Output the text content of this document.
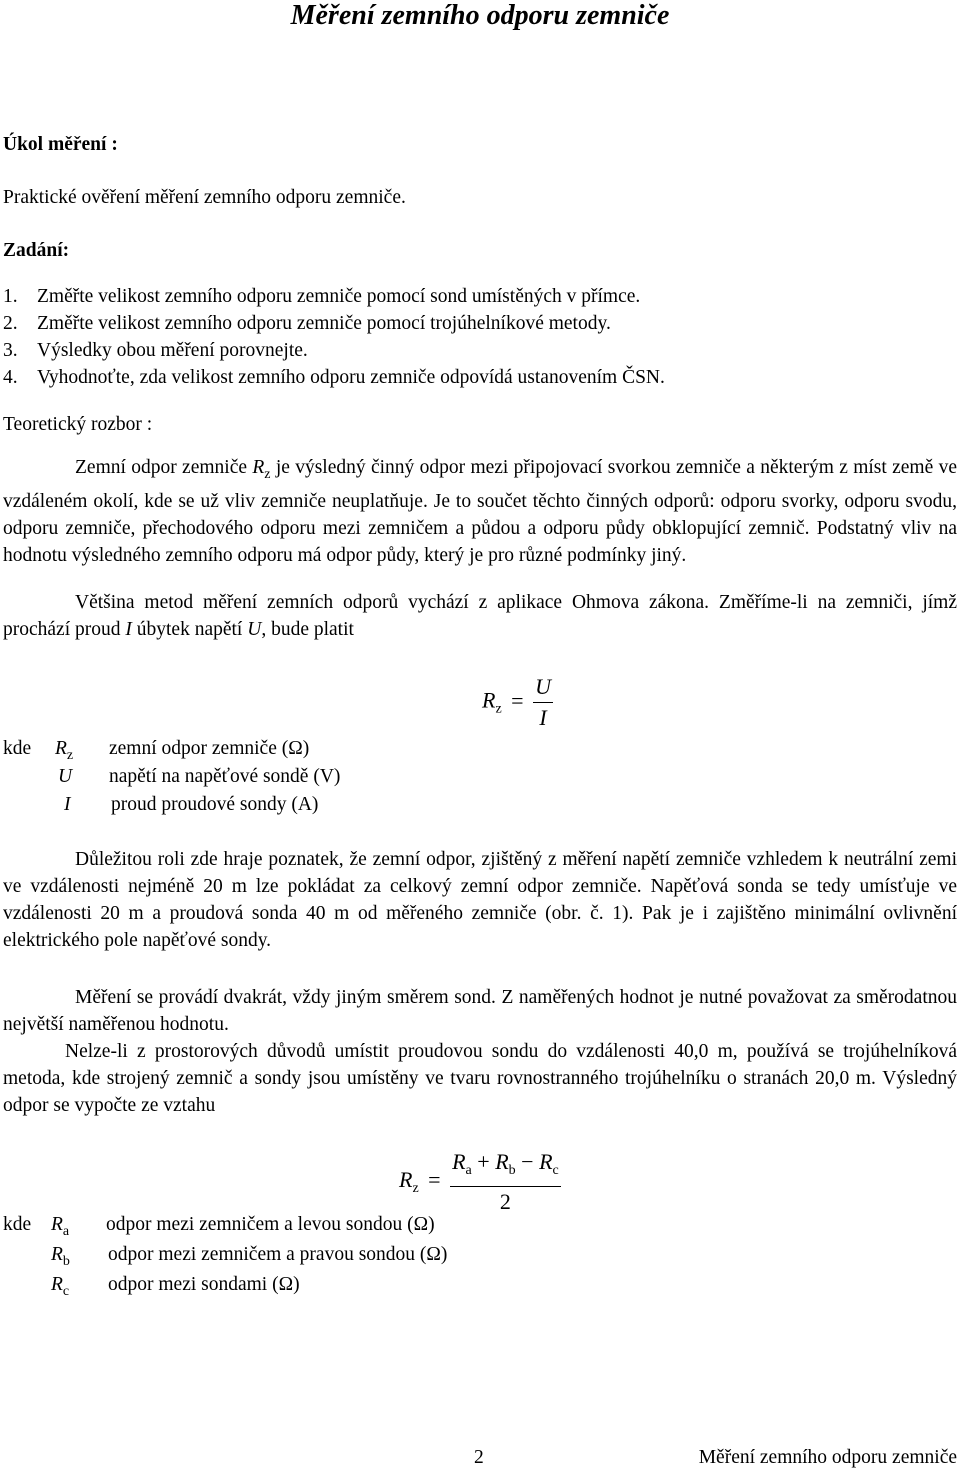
Měření zemního odporu zemniče
Úkol měření :
Praktické ověření měření zemního odporu zemniče.
Zadání:
1. Změřte velikost zemního odporu zemniče pomocí sond umístěných v přímce.
2. Změřte velikost zemního odporu zemniče pomocí trojúhelníkové metody.
3. Výsledky obou měření porovnejte.
4. Vyhodnoťte, zda velikost zemního odporu zemniče odpovídá ustanovením ČSN.
Teoretický rozbor :
Zemní odpor zemniče $R_z$ je výsledný činný odpor mezi připojovací svorkou zemniče a některým z míst země ve vzdáleném okolí, kde se už vliv zemniče neuplatňuje. Je to součet těchto činných odporů: odporu svorky, odporu svodu, odporu zemniče, přechodového odporu mezi zemničem a půdou a odporu půdy obklopující zemnič. Podstatný vliv na hodnotu výsledného zemního odporu má odpor půdy, který je pro různé podmínky jiný.
Většina metod měření zemních odporů vychází z aplikace Ohmova zákona. Změříme-li na zemniči, jímž prochází proud I úbytek napětí U, bude platit
$R_z = \frac{U}{I}$
kde $R_z$ zemní odpor zemniče (Ω)
U napětí na napěťové sondě (V)
I proud proudové sondy (A)
Důležitou roli zde hraje poznatek, že zemní odpor, zjištěný z měření napětí zemniče vzhledem k neutrální zemi ve vzdálenosti nejméně 20 m lze pokládat za celkový zemní odpor zemniče. Napěťová sonda se tedy umísťuje ve vzdálenosti 20 m a proudová sonda 40 m od měřeného zemniče (obr. č. 1). Pak je i zajištěno minimální ovlivnění elektrického pole napěťové sondy.
Měření se provádí dvakrát, vždy jiným směrem sond. Z naměřených hodnot je nutné považovat za směrodatnou největší naměřenou hodnotu.
Nelze-li z prostorových důvodů umístit proudovou sondu do vzdálenosti 40,0 m, používá se trojúhelníková metoda, kde strojený zemnič a sondy jsou umístěny ve tvaru rovnostranného trojúhelníku o stranách 20,0 m. Výsledný odpor se vypočte ze vztahu
$R_z = \frac{R_a + R_b - R_c}{2}$
kde $R_a$ odpor mezi zemničem a levou sondou (Ω)
$R_b$ odpor mezi zemničem a pravou sondou (Ω)
$R_c$ odpor mezi sondami (Ω)
2	Měření zemního odporu zemniče
